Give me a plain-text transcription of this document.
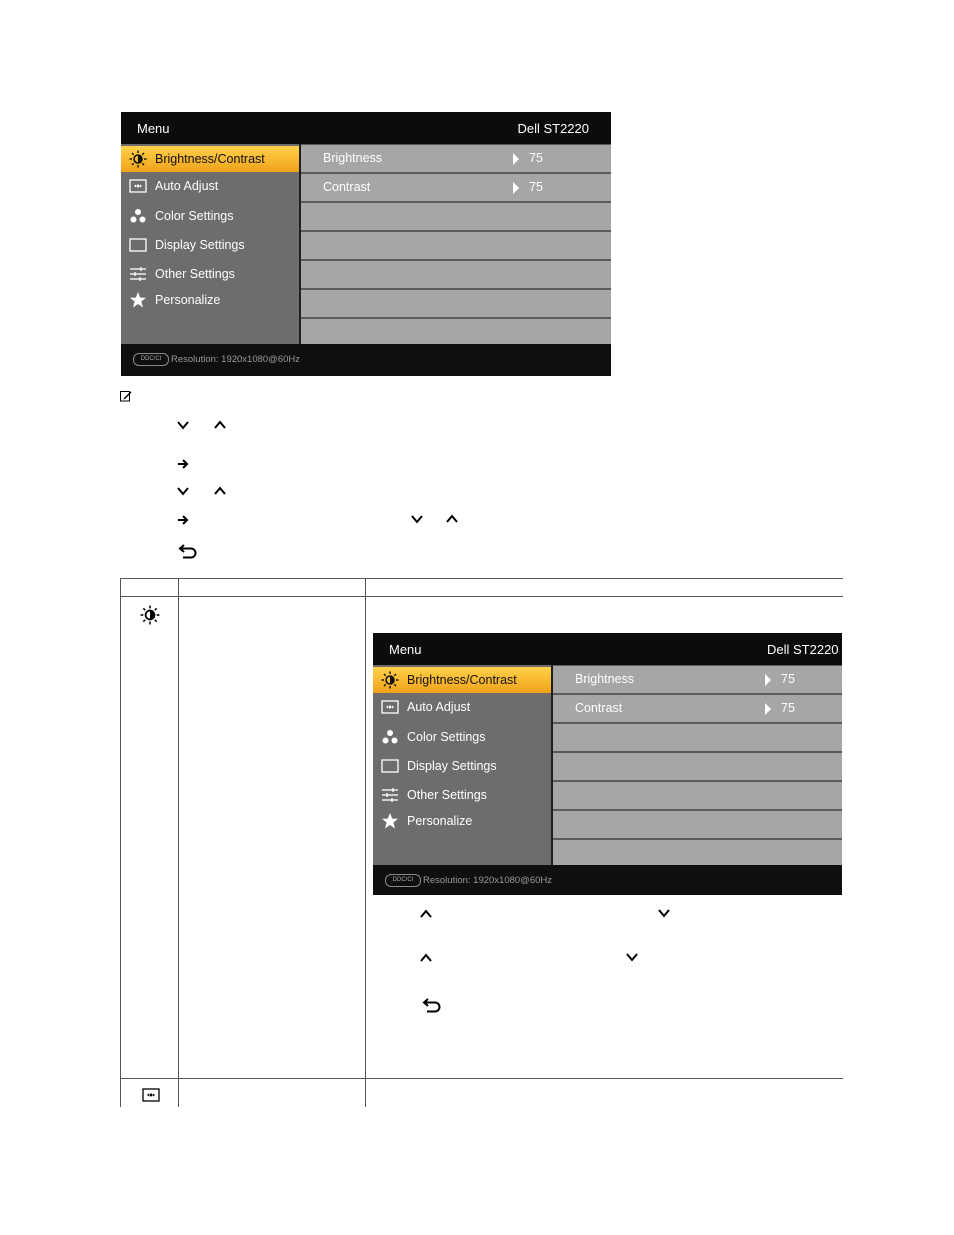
Menu	Dell ST2220
Brightness/Contrast
Auto Adjust
Color Settings
Display Settings
Other Settings
Personalize
Brightness	75
Contrast	75
DDC/CI	Resolution: 1920x1080@60Hz
Menu	Dell ST2220
Brightness/Contrast
Auto Adjust
Color Settings
Display Settings
Other Settings
Personalize
Brightness	75
Contrast	75
DDC/CI	Resolution: 1920x1080@60Hz
